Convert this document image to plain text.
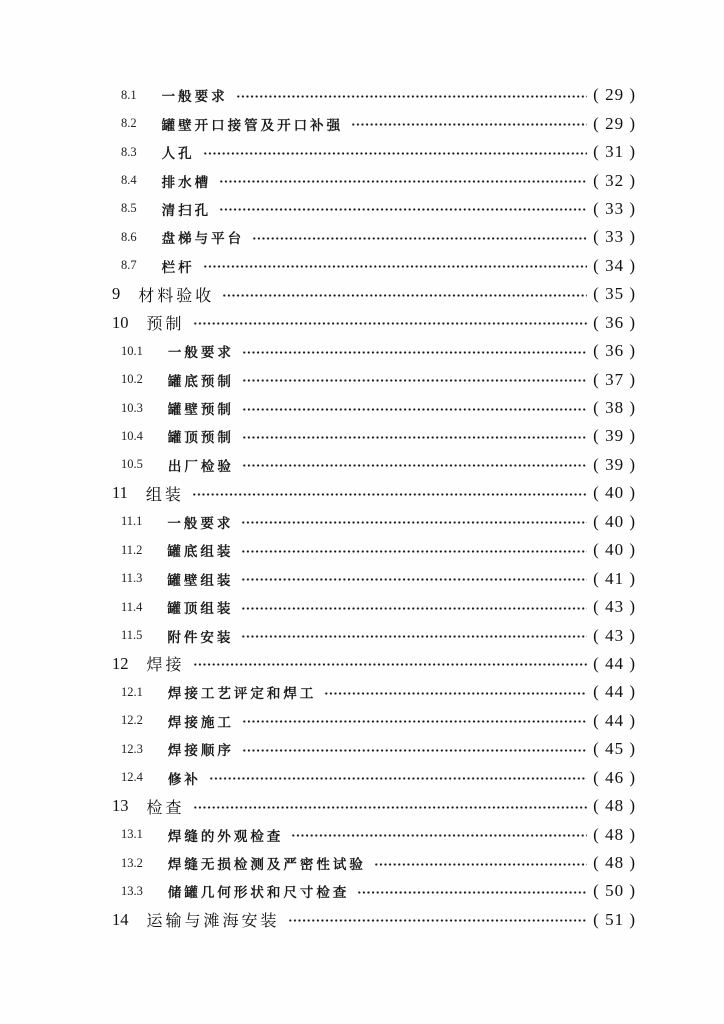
8.1 一般要求	( 29 )
8.2 罐壁开口接管及开口补强	( 29 )
8.3 人孔	( 31 )
8.4 排水槽	( 32 )
8.5 清扫孔	( 33 )
8.6 盘梯与平台	( 33 )
8.7 栏杆	( 34 )
9 材料验收	( 35 )
10 预制	( 36 )
10.1 一般要求	( 36 )
10.2 罐底预制	( 37 )
10.3 罐壁预制	( 38 )
10.4 罐顶预制	( 39 )
10.5 出厂检验	( 39 )
11 组装	( 40 )
11.1 一般要求	( 40 )
11.2 罐底组装	( 40 )
11.3 罐壁组装	( 41 )
11.4 罐顶组装	( 43 )
11.5 附件安装	( 43 )
12 焊接	( 44 )
12.1 焊接工艺评定和焊工	( 44 )
12.2 焊接施工	( 44 )
12.3 焊接顺序	( 45 )
12.4 修补	( 46 )
13 检查	( 48 )
13.1 焊缝的外观检查	( 48 )
13.2 焊缝无损检测及严密性试验	( 48 )
13.3 储罐几何形状和尺寸检查	( 50 )
14 运输与滩海安装	( 51 )
